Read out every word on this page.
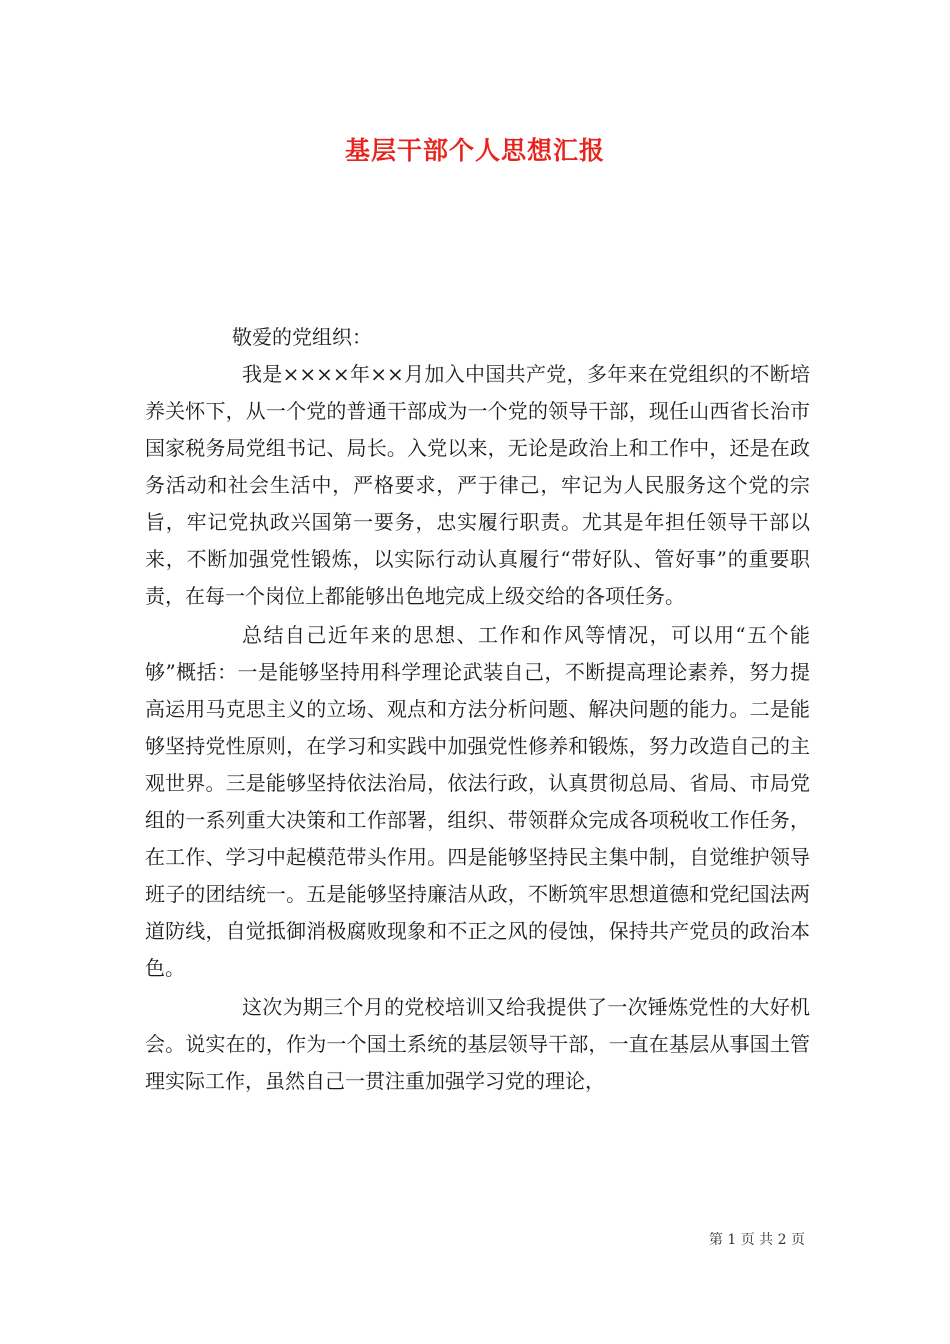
基层干部个人思想汇报

敬爱的党组织：

我是××××年××月加入中国共产党，多年来在党组织的不断培养关怀下，从一个党的普通干部成为一个党的领导干部，现任山西省长治市国家税务局党组书记、局长。入党以来，无论是政治上和工作中，还是在政务活动和社会生活中，严格要求，严于律己，牢记为人民服务这个党的宗旨，牢记党执政兴国第一要务，忠实履行职责。尤其是年担任领导干部以来，不断加强党性锻炼，以实际行动认真履行“带好队、管好事”的重要职责，在每一个岗位上都能够出色地完成上级交给的各项任务。

总结自己近年来的思想、工作和作风等情况，可以用“五个能够”概括：一是能够坚持用科学理论武装自己，不断提高理论素养，努力提高运用马克思主义的立场、观点和方法分析问题、解决问题的能力。二是能够坚持党性原则，在学习和实践中加强党性修养和锻炼，努力改造自己的主观世界。三是能够坚持依法治局，依法行政，认真贯彻总局、省局、市局党组的一系列重大决策和工作部署，组织、带领群众完成各项税收工作任务，在工作、学习中起模范带头作用。四是能够坚持民主集中制，自觉维护领导班子的团结统一。五是能够坚持廉洁从政，不断筑牢思想道德和党纪国法两道防线，自觉抵御消极腐败现象和不正之风的侵蚀，保持共产党员的政治本色。

这次为期三个月的党校培训又给我提供了一次锤炼党性的大好机会。说实在的，作为一个国土系统的基层领导干部，一直在基层从事国土管理实际工作，虽然自己一贯注重加强学习党的理论，

第 1 页 共 2 页
